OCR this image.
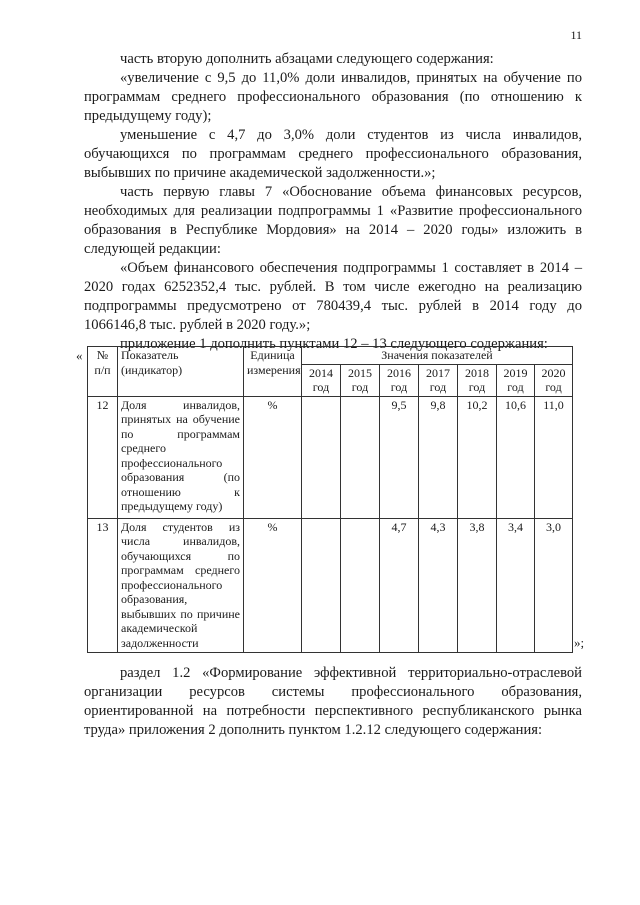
11

часть вторую дополнить абзацами следующего содержания:

«увеличение с 9,5 до 11,0% доли инвалидов, принятых на обучение по программам среднего профессионального образования (по отношению к предыдущему году);

уменьшение с 4,7 до 3,0% доли студентов из числа инвалидов, обучающихся по программам среднего профессионального образования, выбывших по причине академической задолженности.»;

часть первую главы 7 «Обоснование объема финансовых ресурсов, необходимых для реализации подпрограммы 1 «Развитие профессионального образования в Республике Мордовия» на 2014 – 2020 годы» изложить в следующей редакции:

«Объем финансового обеспечения подпрограммы 1 составляет в 2014 – 2020 годах 6252352,4 тыс. рублей. В том числе ежегодно на реализацию подпрограммы предусмотрено от 780439,4 тыс. рублей в 2014 году до 1066146,8 тыс. рублей в 2020 году.»;

приложение 1 дополнить пунктами 12 – 13 следующего содержания:

« № п/п	Показатель (индикатор)	Единица измерения	Значения показателей						
			2014 год	2015 год	2016 год	2017 год	2018 год	2019 год	2020 год
12	Доля инвалидов, принятых на обучение по программам среднего профессионального образования (по отношению к предыдущему году)	%			9,5	9,8	10,2	10,6	11,0
13	Доля студентов из числа инвалидов, обучающихся по программам среднего профессионального образования, выбывших по причине академической задолженности	%			4,7	4,3	3,8	3,4	3,0
»;

раздел 1.2 «Формирование эффективной территориально-отраслевой организации ресурсов системы профессионального образования, ориентированной на потребности перспективного республиканского рынка труда» приложения 2 дополнить пунктом 1.2.12 следующего содержания:
